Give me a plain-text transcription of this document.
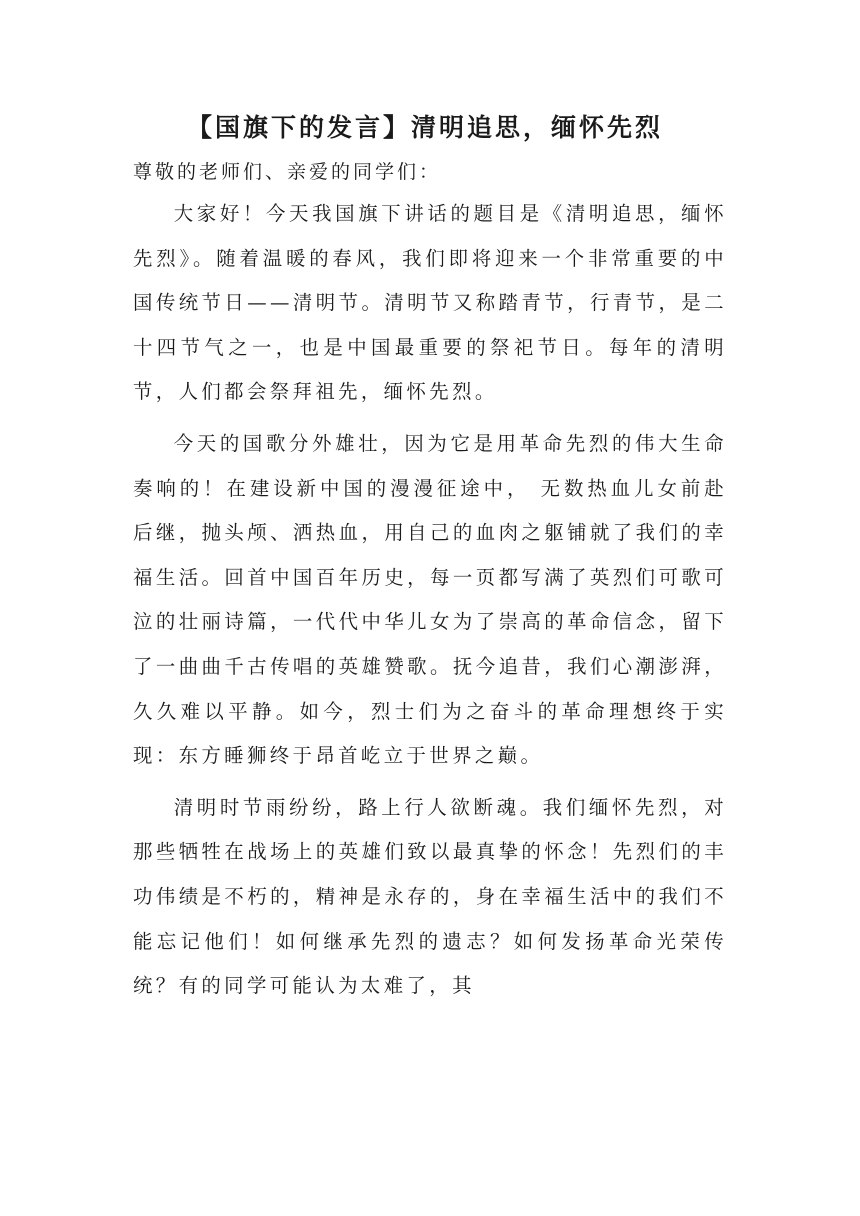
【国旗下的发言】清明追思，缅怀先烈

尊敬的老师们、亲爱的同学们：

大家好！今天我国旗下讲话的题目是《清明追思，缅怀先烈》。随着温暖的春风，我们即将迎来一个非常重要的中国传统节日——清明节。清明节又称踏青节，行青节，是二十四节气之一，也是中国最重要的祭祀节日。每年的清明节，人们都会祭拜祖先，缅怀先烈。

今天的国歌分外雄壮，因为它是用革命先烈的伟大生命奏响的！在建设新中国的漫漫征途中， 无数热血儿女前赴后继，抛头颅、洒热血，用自己的血肉之躯铺就了我们的幸福生活。回首中国百年历史，每一页都写满了英烈们可歌可泣的壮丽诗篇，一代代中华儿女为了崇高的革命信念，留下了一曲曲千古传唱的英雄赞歌。抚今追昔，我们心潮澎湃，久久难以平静。如今，烈士们为之奋斗的革命理想终于实现：东方睡狮终于昂首屹立于世界之巅。

清明时节雨纷纷，路上行人欲断魂。我们缅怀先烈，对那些牺牲在战场上的英雄们致以最真挚的怀念！先烈们的丰功伟绩是不朽的，精神是永存的，身在幸福生活中的我们不能忘记他们！如何继承先烈的遗志？如何发扬革命光荣传统？有的同学可能认为太难了，其
